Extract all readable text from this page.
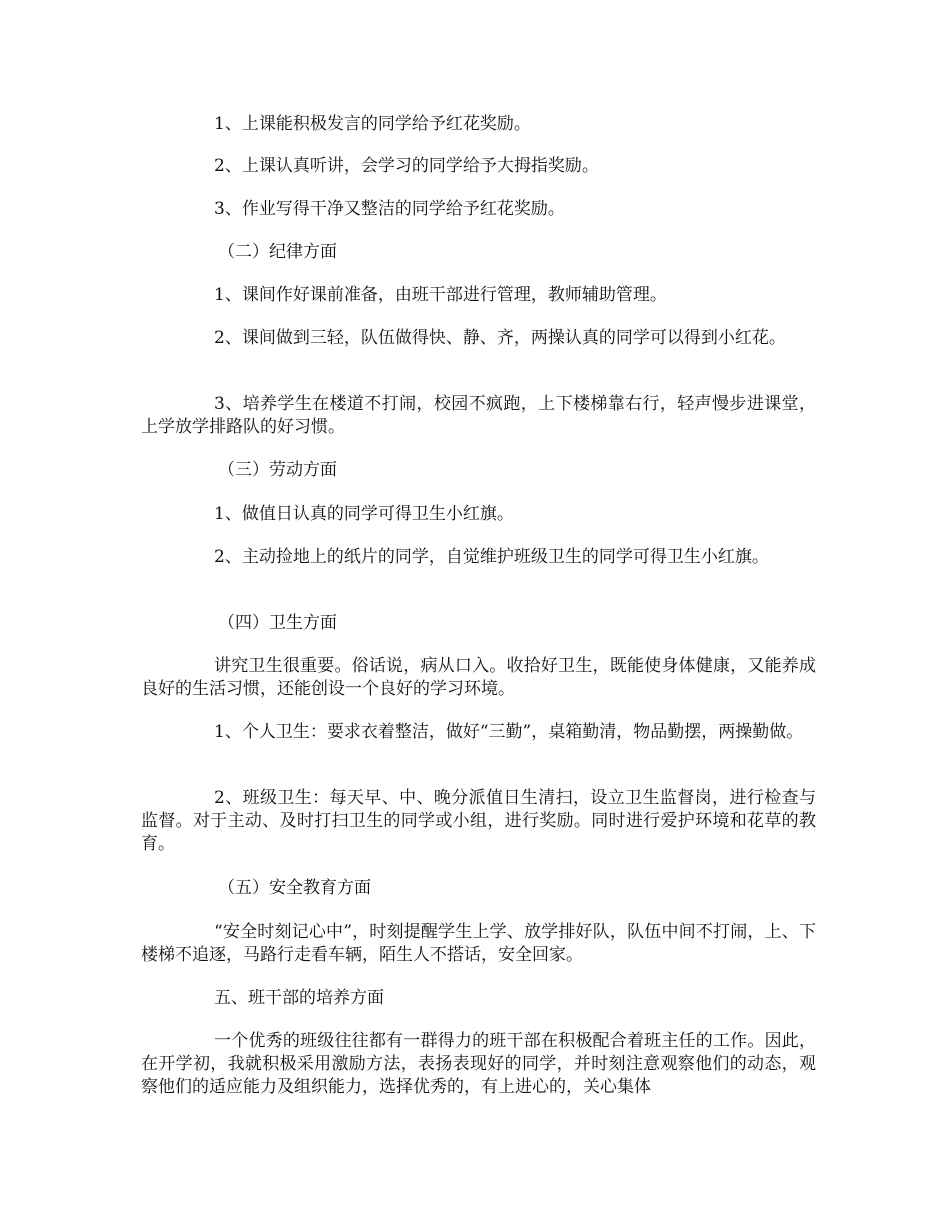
1、上课能积极发言的同学给予红花奖励。

2、上课认真听讲，会学习的同学给予大拇指奖励。

3、作业写得干净又整洁的同学给予红花奖励。

（二）纪律方面

1、课间作好课前准备，由班干部进行管理，教师辅助管理。

2、课间做到三轻，队伍做得快、静、齐，两操认真的同学可以得到小红花。

3、培养学生在楼道不打闹，校园不疯跑，上下楼梯靠右行，轻声慢步进课堂，上学放学排路队的好习惯。

（三）劳动方面

1、做值日认真的同学可得卫生小红旗。

2、主动捡地上的纸片的同学，自觉维护班级卫生的同学可得卫生小红旗。

（四）卫生方面

讲究卫生很重要。俗话说，病从口入。收拾好卫生，既能使身体健康，又能养成良好的生活习惯，还能创设一个良好的学习环境。

1、个人卫生：要求衣着整洁，做好“三勤”，桌箱勤清，物品勤摆，两操勤做。

2、班级卫生：每天早、中、晚分派值日生清扫，设立卫生监督岗，进行检查与监督。对于主动、及时打扫卫生的同学或小组，进行奖励。同时进行爱护环境和花草的教育。

（五）安全教育方面

“安全时刻记心中”，时刻提醒学生上学、放学排好队，队伍中间不打闹，上、下楼梯不追逐，马路行走看车辆，陌生人不搭话，安全回家。

五、班干部的培养方面

一个优秀的班级往往都有一群得力的班干部在积极配合着班主任的工作。因此，在开学初，我就积极采用激励方法，表扬表现好的同学，并时刻注意观察他们的动态，观察他们的适应能力及组织能力，选择优秀的，有上进心的，关心集体
